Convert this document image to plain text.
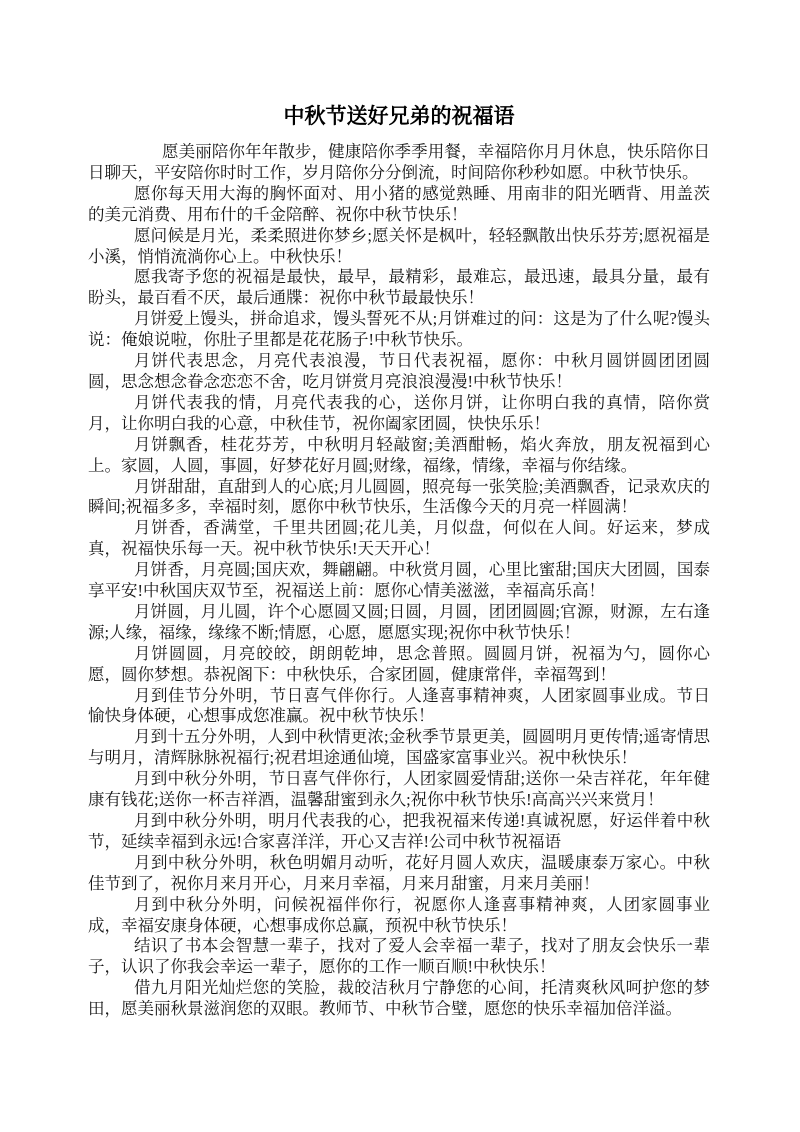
中秋节送好兄弟的祝福语

愿美丽陪你年年散步，健康陪你季季用餐，幸福陪你月月休息，快乐陪你日日聊天，平安陪你时时工作，岁月陪你分分倒流，时间陪你秒秒如愿。中秋节快乐。

愿你每天用大海的胸怀面对、用小猪的感觉熟睡、用南非的阳光晒背、用盖茨的美元消费、用布什的千金陪醉、祝你中秋节快乐！

愿问候是月光，柔柔照进你梦乡;愿关怀是枫叶，轻轻飘散出快乐芬芳;愿祝福是小溪，悄悄流淌你心上。中秋快乐！

愿我寄予您的祝福是最快，最早，最精彩，最难忘，最迅速，最具分量，最有盼头，最百看不厌，最后通牒：祝你中秋节最最快乐！

月饼爱上馒头，拼命追求，馒头誓死不从;月饼难过的问：这是为了什么呢?馒头说：俺娘说啦，你肚子里都是花花肠子!中秋节快乐。

月饼代表思念，月亮代表浪漫，节日代表祝福，愿你：中秋月圆饼圆团团圆圆，思念想念眷念恋恋不舍，吃月饼赏月亮浪浪漫漫!中秋节快乐！

月饼代表我的情，月亮代表我的心，送你月饼，让你明白我的真情，陪你赏月，让你明白我的心意，中秋佳节，祝你阖家团圆，快快乐乐！

月饼飘香，桂花芬芳，中秋明月轻敲窗;美酒酣畅，焰火奔放，朋友祝福到心上。家圆，人圆，事圆，好梦花好月圆;财缘，福缘，情缘，幸福与你结缘。

月饼甜甜，直甜到人的心底;月儿圆圆，照亮每一张笑脸;美酒飘香，记录欢庆的瞬间;祝福多多，幸福时刻，愿你中秋节快乐，生活像今天的月亮一样圆满！

月饼香，香满堂，千里共团圆;花儿美，月似盘，何似在人间。好运来，梦成真，祝福快乐每一天。祝中秋节快乐!天天开心！

月饼香，月亮圆;国庆欢，舞翩翩。中秋赏月圆，心里比蜜甜;国庆大团圆，国泰享平安!中秋国庆双节至，祝福送上前：愿你心情美滋滋，幸福高乐高！

月饼圆，月儿圆，许个心愿圆又圆;日圆，月圆，团团圆圆;官源，财源，左右逢源;人缘，福缘，缘缘不断;情愿，心愿，愿愿实现;祝你中秋节快乐！

月饼圆圆，月亮皎皎，朗朗乾坤，思念普照。圆圆月饼，祝福为勺，圆你心愿，圆你梦想。恭祝阁下：中秋快乐，合家团圆，健康常伴，幸福驾到！

月到佳节分外明，节日喜气伴你行。人逢喜事精神爽，人团家圆事业成。节日愉快身体硬，心想事成您准赢。祝中秋节快乐！

月到十五分外明，人到中秋情更浓;金秋季节景更美，圆圆明月更传情;遥寄情思与明月，清辉脉脉祝福行;祝君坦途通仙境，国盛家富事业兴。祝中秋快乐！

月到中秋分外明，节日喜气伴你行，人团家圆爱情甜;送你一朵吉祥花，年年健康有钱花;送你一杯吉祥酒，温馨甜蜜到永久;祝你中秋节快乐!高高兴兴来赏月！

月到中秋分外明，明月代表我的心，把我祝福来传递!真诚祝愿，好运伴着中秋节，延续幸福到永远!合家喜洋洋，开心又吉祥!公司中秋节祝福语

月到中秋分外明，秋色明媚月动听，花好月圆人欢庆，温暖康泰万家心。中秋佳节到了，祝你月来月开心，月来月幸福，月来月甜蜜，月来月美丽！

月到中秋分外明，问候祝福伴你行，祝愿你人逢喜事精神爽，人团家圆事业成，幸福安康身体硬，心想事成你总赢，预祝中秋节快乐！

结识了书本会智慧一辈子，找对了爱人会幸福一辈子，找对了朋友会快乐一辈子，认识了你我会幸运一辈子，愿你的工作一顺百顺!中秋快乐！

借九月阳光灿烂您的笑脸，裁皎洁秋月宁静您的心间，托清爽秋风呵护您的梦田，愿美丽秋景滋润您的双眼。教师节、中秋节合璧，愿您的快乐幸福加倍洋溢。
